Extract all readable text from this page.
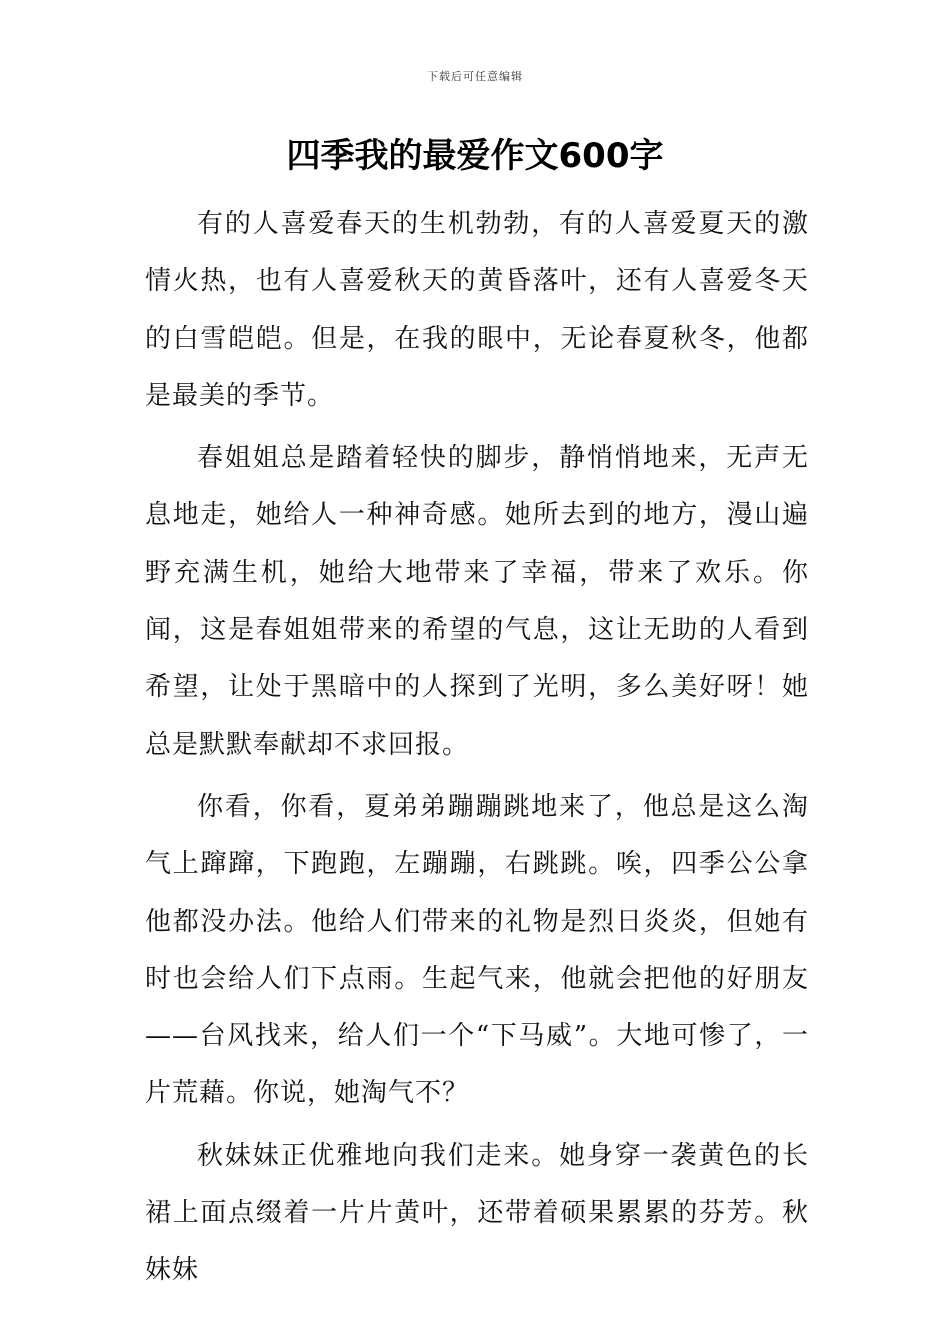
下载后可任意编辑
四季我的最爱作文600字

有的人喜爱春天的生机勃勃，有的人喜爱夏天的激情火热，也有人喜爱秋天的黄昏落叶，还有人喜爱冬天的白雪皑皑。但是，在我的眼中，无论春夏秋冬，他都是最美的季节。

春姐姐总是踏着轻快的脚步，静悄悄地来，无声无息地走，她给人一种神奇感。她所去到的地方，漫山遍野充满生机，她给大地带来了幸福，带来了欢乐。你闻，这是春姐姐带来的希望的气息，这让无助的人看到希望，让处于黑暗中的人探到了光明，多么美好呀！她总是默默奉献却不求回报。

你看，你看，夏弟弟蹦蹦跳地来了，他总是这么淘气上蹿蹿，下跑跑，左蹦蹦，右跳跳。唉，四季公公拿他都没办法。他给人们带来的礼物是烈日炎炎，但她有时也会给人们下点雨。生起气来，他就会把他的好朋友——台风找来，给人们一个“下马威”。大地可惨了，一片荒藉。你说，她淘气不？

秋妹妹正优雅地向我们走来。她身穿一袭黄色的长裙上面点缀着一片片黄叶，还带着硕果累累的芬芳。秋妹妹
